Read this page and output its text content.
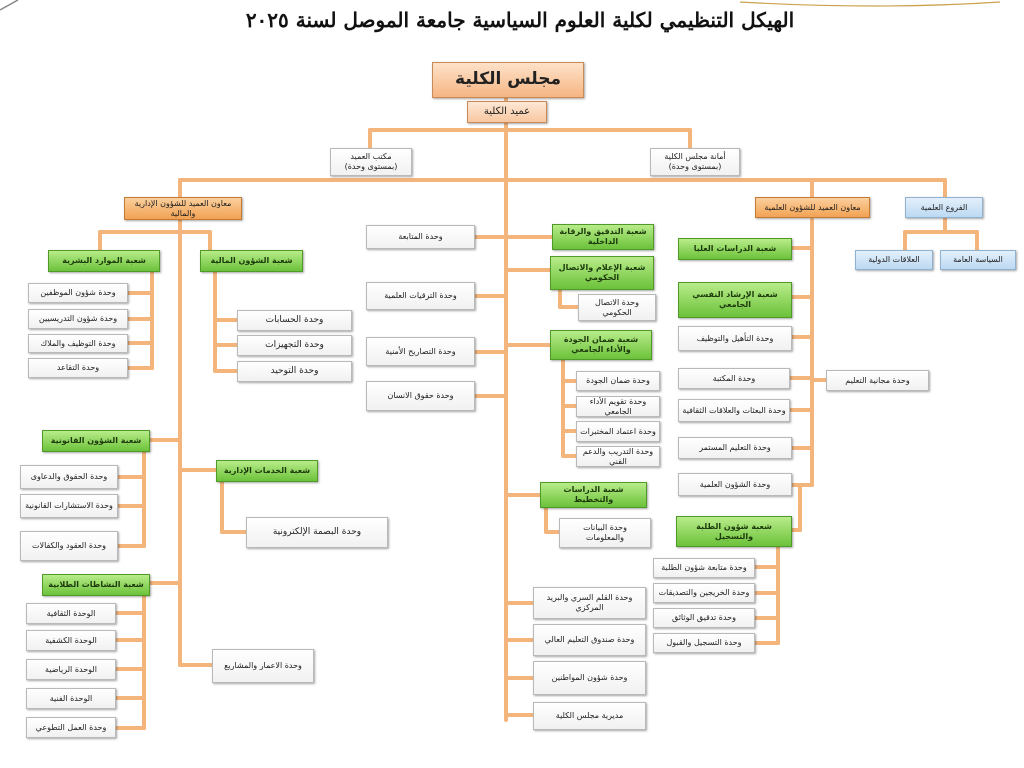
الهيكل التنظيمي لكلية العلوم السياسية جامعة الموصل لسنة ٢٠٢٥
مجلس الكلية
عميد الكلية
مكتب العميد
(بمستوى وحدة)
أمانة مجلس الكلية
(بمستوى وحدة)
الفروع العلمية
العلاقات الدولية	السياسة العامة
معاون العميد للشؤون العلمية
معاون العميد للشؤون الإدارية والمالية
شعبة الموارد البشرية
وحدة شؤون الموظفين
وحدة شؤون التدريسيين
وحدة التوظيف والملاك
وحدة التقاعد
شعبة الشؤون المالية
وحدة الحسابات
وحدة التجهيزات
وحدة التوحيد
شعبة الشؤون القانونية
وحدة الحقوق والدعاوى
وحدة الاستشارات القانونية
وحدة العقود والكفالات
شعبة الخدمات الإدارية
وحدة البصمة الإلكترونية
شعبة النشاطات الطلابية
الوحدة الثقافية
الوحدة الكشفية
الوحدة الرياضية
الوحدة الفنية
وحدة العمل التطوعي
وحدة الاعمار والمشاريع
وحدة المتابعة
وحدة الترقيات العلمية
وحدة التصاريح الأمنية
وحدة حقوق الانسان
شعبة التدقيق والرقابة الداخلية
شعبة الإعلام والاتصال الحكومي
وحدة الاتصال الحكومي
شعبة ضمان الجودة والأداء الجامعي
وحدة ضمان الجودة
وحدة تقويم الأداء الجامعي
وحدة اعتماد المختبرات
وحدة التدريب والدعم الفني
شعبة الدراسات والتخطيط
وحدة البيانات والمعلومات
وحدة القلم السري والبريد المركزي
وحدة صندوق التعليم العالي
وحدة شؤون المواطنين
مديرية مجلس الكلية
شعبة الدراسات العليا
شعبة الإرشاد النفسي الجامعي
وحدة التأهيل والتوظيف
وحدة المكتبة
وحدة البعثات والعلاقات الثقافية
وحدة التعليم المستمر
وحدة الشؤون العلمية
وحدة مجانية التعليم
شعبة شؤون الطلبة والتسجيل
وحدة متابعة شؤون الطلبة
وحدة الخريجين والتصديقات
وحدة تدقيق الوثائق
وحدة التسجيل والقبول
